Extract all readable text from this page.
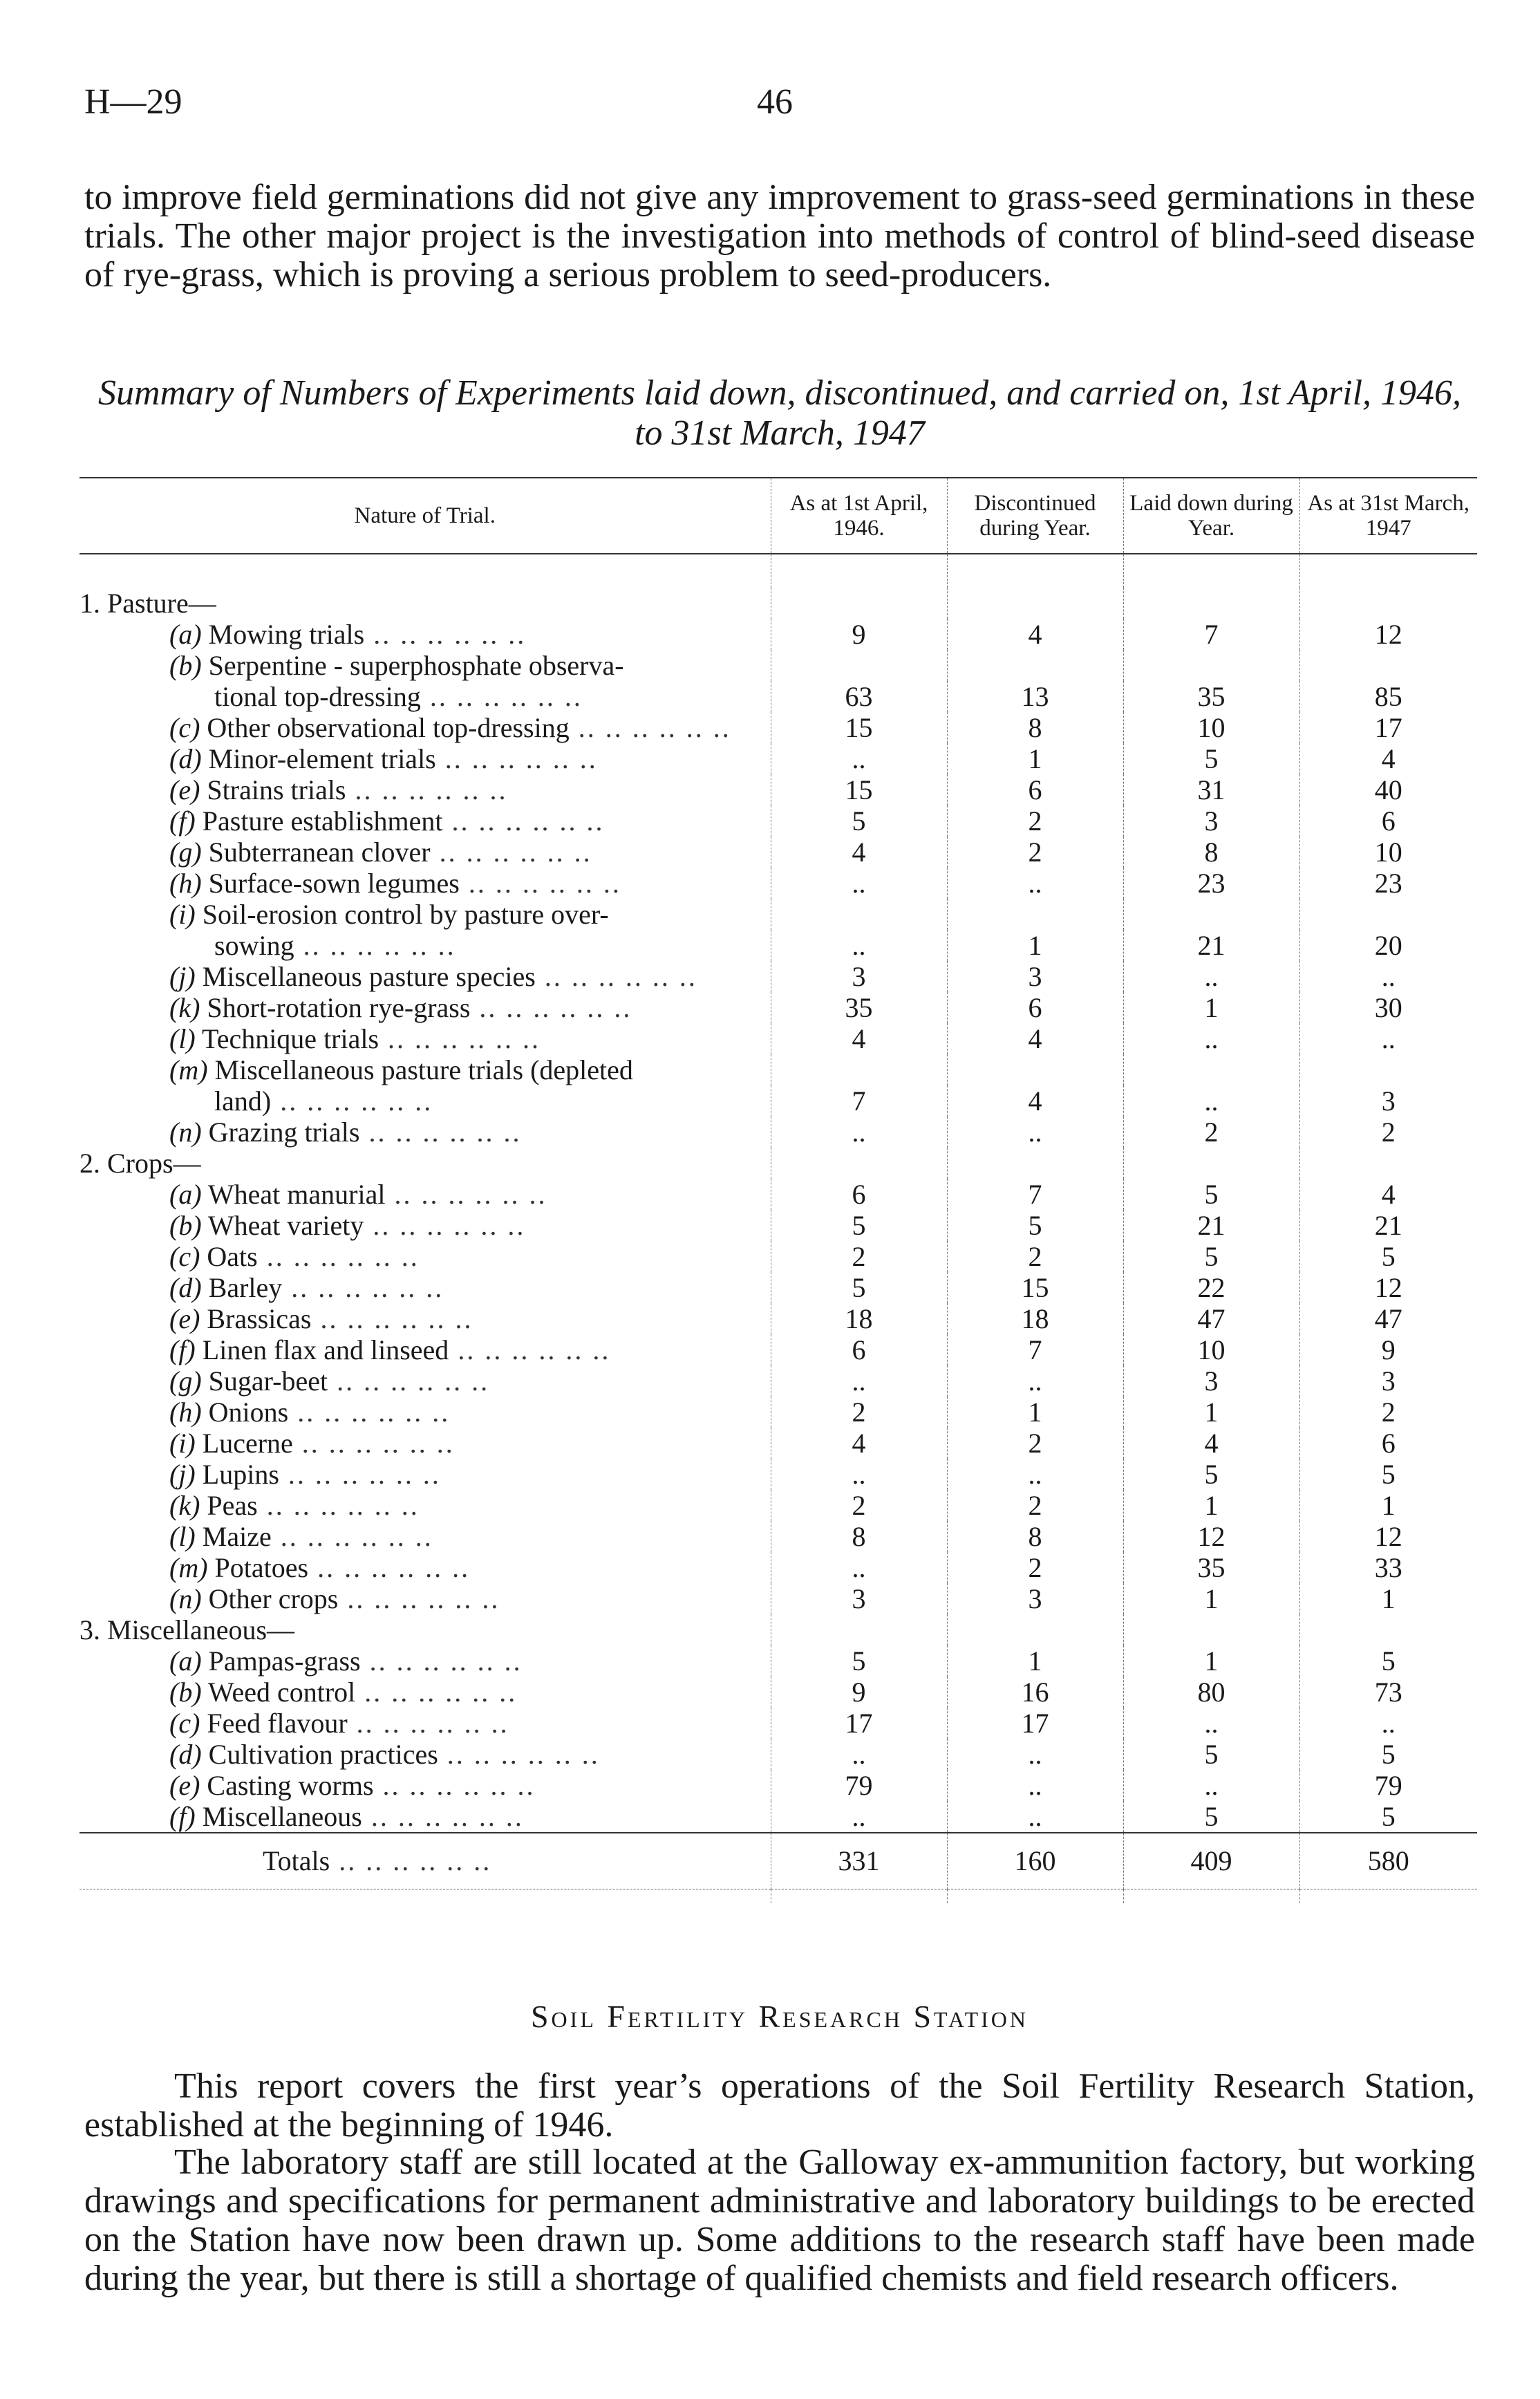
H—29	46

to improve field germinations did not give any improvement to grass-seed germinations in these trials. The other major project is the investigation into methods of control of blind-seed disease of rye-grass, which is proving a serious problem to seed-producers.

Summary of Numbers of Experiments laid down, discontinued, and carried on, 1st April, 1946, to 31st March, 1947

Nature of Trial.	As at 1st April, 1946.	Discontinued during Year.	Laid down during Year.	As at 31st March, 1947

1. Pasture—				
(a) Mowing trials .. .. .. .. .. ..	9	4	7	12
(b) Serpentine - superphosphate observa-				
tional top-dressing .. .. .. .. .. ..	63	13	35	85
(c) Other observational top-dressing .. .. .. .. .. ..	15	8	10	17
(d) Minor-element trials .. .. .. .. .. ..	..	1	5	4
(e) Strains trials .. .. .. .. .. ..	15	6	31	40
(f) Pasture establishment .. .. .. .. .. ..	5	2	3	6
(g) Subterranean clover .. .. .. .. .. ..	4	2	8	10
(h) Surface-sown legumes .. .. .. .. .. ..	..	..	23	23
(i) Soil-erosion control by pasture over-				
sowing .. .. .. .. .. ..	..	1	21	20
(j) Miscellaneous pasture species .. .. .. .. .. ..	3	3	..	..
(k) Short-rotation rye-grass .. .. .. .. .. ..	35	6	1	30
(l) Technique trials .. .. .. .. .. ..	4	4	..	..
(m) Miscellaneous pasture trials (depleted				
land) .. .. .. .. .. ..	7	4	..	3
(n) Grazing trials .. .. .. .. .. ..	..	..	2	2
2. Crops—				
(a) Wheat manurial .. .. .. .. .. ..	6	7	5	4
(b) Wheat variety .. .. .. .. .. ..	5	5	21	21
(c) Oats .. .. .. .. .. ..	2	2	5	5
(d) Barley .. .. .. .. .. ..	5	15	22	12
(e) Brassicas .. .. .. .. .. ..	18	18	47	47
(f) Linen flax and linseed .. .. .. .. .. ..	6	7	10	9
(g) Sugar-beet .. .. .. .. .. ..	..	..	3	3
(h) Onions .. .. .. .. .. ..	2	1	1	2
(i) Lucerne .. .. .. .. .. ..	4	2	4	6
(j) Lupins .. .. .. .. .. ..	..	..	5	5
(k) Peas .. .. .. .. .. ..	2	2	1	1
(l) Maize .. .. .. .. .. ..	8	8	12	12
(m) Potatoes .. .. .. .. .. ..	..	2	35	33
(n) Other crops .. .. .. .. .. ..	3	3	1	1
3. Miscellaneous—				
(a) Pampas-grass .. .. .. .. .. ..	5	1	1	5
(b) Weed control .. .. .. .. .. ..	9	16	80	73
(c) Feed flavour .. .. .. .. .. ..	17	17	..	..
(d) Cultivation practices .. .. .. .. .. ..	..	..	5	5
(e) Casting worms .. .. .. .. .. ..	79	..	..	79
(f) Miscellaneous .. .. .. .. .. ..	..	..	5	5
Totals .. .. .. .. .. ..	331	160	409	580

Soil Fertility Research Station

This report covers the first year’s operations of the Soil Fertility Research Station, established at the beginning of 1946.

The laboratory staff are still located at the Galloway ex-ammunition factory, but working drawings and specifications for permanent administrative and laboratory buildings to be erected on the Station have now been drawn up. Some additions to the research staff have been made during the year, but there is still a shortage of qualified chemists and field research officers.
